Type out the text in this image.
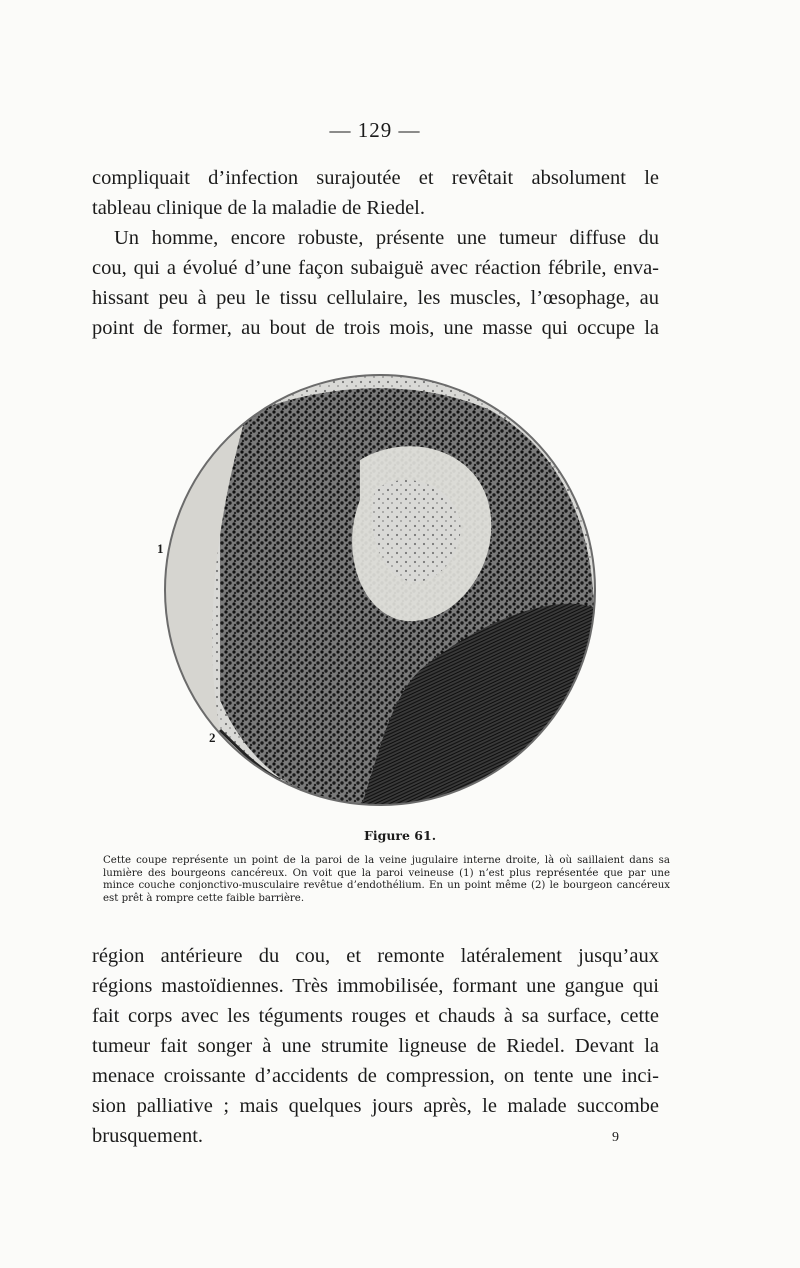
— 129 —
compliquait d’infection surajoutée et revêtait absolument le
tableau clinique de la maladie de Riedel.
Un homme, encore robuste, présente une tumeur diffuse du
cou, qui a évolué d’une façon subaiguë avec réaction fébrile, enva-
hissant peu à peu le tissu cellulaire, les muscles, l’œsophage, au
point de former, au bout de trois mois, une masse qui occupe la
1
2
Figure 61.

Cette coupe représente un point de la paroi de la veine jugulaire interne droite, là où saillaient dans sa lumière des bourgeons cancéreux. On voit que la paroi veineuse (1) n’est plus représentée que par une mince couche conjonctivo-musculaire revêtue d’endothélium. En un point même (2) le bourgeon cancéreux est prêt à rompre cette faible barrière.

région antérieure du cou, et remonte latéralement jusqu’aux
régions mastoïdiennes. Très immobilisée, formant une gangue qui
fait corps avec les téguments rouges et chauds à sa surface, cette
tumeur fait songer à une strumite ligneuse de Riedel. Devant la
menace croissante d’accidents de compression, on tente une inci-
sion palliative ; mais quelques jours après, le malade succombe
brusquement.	9
